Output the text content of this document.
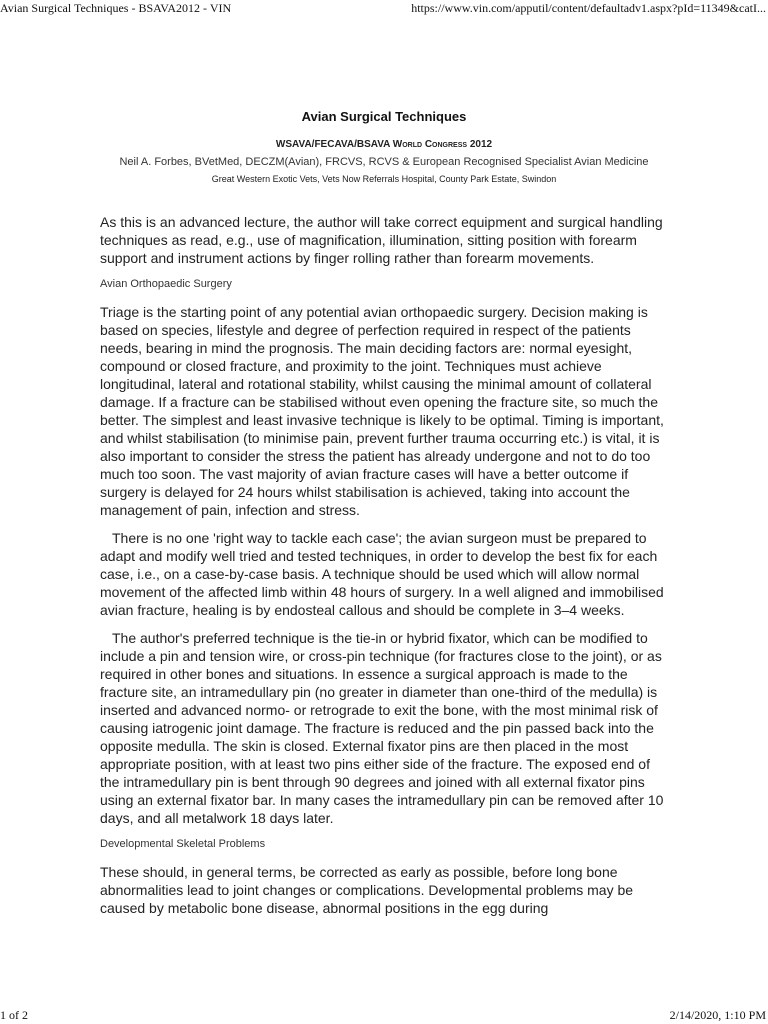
Avian Surgical Techniques - BSAVA2012 - VIN	https://www.vin.com/apputil/content/defaultadv1.aspx?pId=11349&catI...
Avian Surgical Techniques
WSAVA/FECAVA/BSAVA World Congress 2012
Neil A. Forbes, BVetMed, DECZM(Avian), FRCVS, RCVS & European Recognised Specialist Avian Medicine
Great Western Exotic Vets, Vets Now Referrals Hospital, County Park Estate, Swindon

As this is an advanced lecture, the author will take correct equipment and surgical handling techniques as read, e.g., use of magnification, illumination, sitting position with forearm support and instrument actions by finger rolling rather than forearm movements.

Avian Orthopaedic Surgery

Triage is the starting point of any potential avian orthopaedic surgery. Decision making is based on species, lifestyle and degree of perfection required in respect of the patients needs, bearing in mind the prognosis. The main deciding factors are: normal eyesight, compound or closed fracture, and proximity to the joint. Techniques must achieve longitudinal, lateral and rotational stability, whilst causing the minimal amount of collateral damage. If a fracture can be stabilised without even opening the fracture site, so much the better. The simplest and least invasive technique is likely to be optimal. Timing is important, and whilst stabilisation (to minimise pain, prevent further trauma occurring etc.) is vital, it is also important to consider the stress the patient has already undergone and not to do too much too soon. The vast majority of avian fracture cases will have a better outcome if surgery is delayed for 24 hours whilst stabilisation is achieved, taking into account the management of pain, infection and stress.

There is no one 'right way to tackle each case'; the avian surgeon must be prepared to adapt and modify well tried and tested techniques, in order to develop the best fix for each case, i.e., on a case-by-case basis. A technique should be used which will allow normal movement of the affected limb within 48 hours of surgery. In a well aligned and immobilised avian fracture, healing is by endosteal callous and should be complete in 3–4 weeks.

The author's preferred technique is the tie-in or hybrid fixator, which can be modified to include a pin and tension wire, or cross-pin technique (for fractures close to the joint), or as required in other bones and situations. In essence a surgical approach is made to the fracture site, an intramedullary pin (no greater in diameter than one-third of the medulla) is inserted and advanced normo- or retrograde to exit the bone, with the most minimal risk of causing iatrogenic joint damage. The fracture is reduced and the pin passed back into the opposite medulla. The skin is closed. External fixator pins are then placed in the most appropriate position, with at least two pins either side of the fracture. The exposed end of the intramedullary pin is bent through 90 degrees and joined with all external fixator pins using an external fixator bar. In many cases the intramedullary pin can be removed after 10 days, and all metalwork 18 days later.

Developmental Skeletal Problems

These should, in general terms, be corrected as early as possible, before long bone abnormalities lead to joint changes or complications. Developmental problems may be caused by metabolic bone disease, abnormal positions in the egg during

1 of 2	2/14/2020, 1:10 PM
